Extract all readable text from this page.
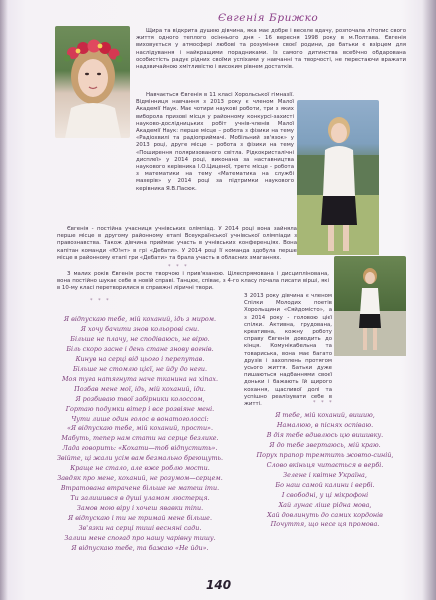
Євгенія Брижко
Щира та відкрита душею дівчина, яка має добре і веселе вдачу, розпочала літопис свого життя одного теплого осіннього дня - 16 вересня 1998 року в м.Полтава. Євгенія виховується у атмосфері любові та розуміння своєї родини, де батьки є взірцем для наслідування і найкращими порадниками. Із самого дитинства всебічно обдарована особистість радує рідних своїми успіхами у навчанні та творчості, не перестаючи вражати надзвичайною хмітливістю і високим рівнем достатків.
Навчається Євгенія в 11 класі Хорольської гімназії. Відмінниця навчання з 2013 року є членом Малої Академії Наук. Має чотири наукові роботи, три з яких виборола призові місця у районному конкурсі-захисті науково-дослідницьких робіт учнів-членів Малої Академії Наук: перше місце – робота з фізики на тему «Радіохвилі та радіоприймачі. Мобільний зв'язок» у 2013 році, друге місце – робота з фізики на тему «Поширення поляризованого світла. Рідкокристалічні дисплеї» у 2014 році, виконана за наставництва наукового керівника І.О.Циценої, третє місце - робота з математики на тему «Математика на службі махерів» у 2014 році за підтримки наукового керівника Я.В.Пасюк.
Євгенія - постійна учасниця учнівських олімпіад. У 2014 році вона зайняла перше місце в другому районному етапі Всеукраїнської учнівської олімпіади з правознавства. Також дівчина приймає участь в учнівських конференціях. Вона капітан команди «Ю!нт» в грі «Дебати». У 2014 році її команда здобула перше місце в районному етапі гри «Дебати» та брала участь в обласних змаганнях.
* * *
З малих років Євгенія росте творчою і прив'язаною. Цілеспрямована і дисциплінована, вона постійно шукає себе в новій справі. Танцює, співає, з 4-го класу почала писати вірші, які в 10-му класі перетворилися в справжні ліричні твори.
З 2013 року дівчина є членом Спілки Молодих поетів Хорольщини «Сяйдомісто», а з 2014 року - головою цієї спілки. Активна, грудована, креативна, кожну роботу справу Євгенія доводить до кінця. Комунікабельна та товариська, вона має багато друзів і захоплень протягом усього життя. Батьки дуже пишаються надбаннями своєї доньки і бажають їй щирого кохання, щасливої долі та успішно реалізувати себе в житті.
* * *
Я відпускаю тебе, мій коханий, ідь з миром.
Я хочу бачити знов кольорові сни.
Більше не плачу, не сподіваюсь, не вірю.
Біль скоро засне і день стане знову вогнів.
Кинув на серці від цього і перепутав.
Більше не стомлю цієї, не йду до неги.
Моя туга натягнута наче тканина на хіпах.
Позбав мене мої, ідь, мій коханий, іди.
Я розбиваю твої забірники колоссом,
Гортаю подумки вітер і все розвіяне мені.
Чути лише один голос в вонатоголоссі:
«Я відпускаю тебе, мій коханий, прости».
Мабуть, тепер нам стати на серце безлике.
Лада говорить: «Кохати—тоб відпустить».
Звійте, ці жали усім вам безмально бреющуть.
Краще не стало, але вже роблю мости.
Завдяк про мене, коханий, не розумом—серцем.
Втратована втрачене більше не матеш іти.
Ти залишився в душі уламом люстерця.
Замов мою віру і хочеш явавки тіпи.
Я відпускаю і ти не тримай мене більше.
Зв'язки на серці тиші весняні сади.
Залиш мене спогад про нашу чарівну тишу.
Я відпускаю тебе, та бажаю «Не йди».
* * *
Я тебе, мій коханий, вишию,
Намалюю, в піснях оспіваю.
В дія тебе вдивлюсь цю вишивку.
Я до тебе звертаюсь, мій краю.
Порух прапор тремтить жовто-синій,
Слово вкіньця читається в вербі.
Зелене і квітне Україна,
Бо наш самой калини і вербі.
І свободні, у ці мікрофоні
Хай лунає ліше рідна мова,
Хай довлинуть до самих кордонів
Почуття, що несе ця промова.
140
